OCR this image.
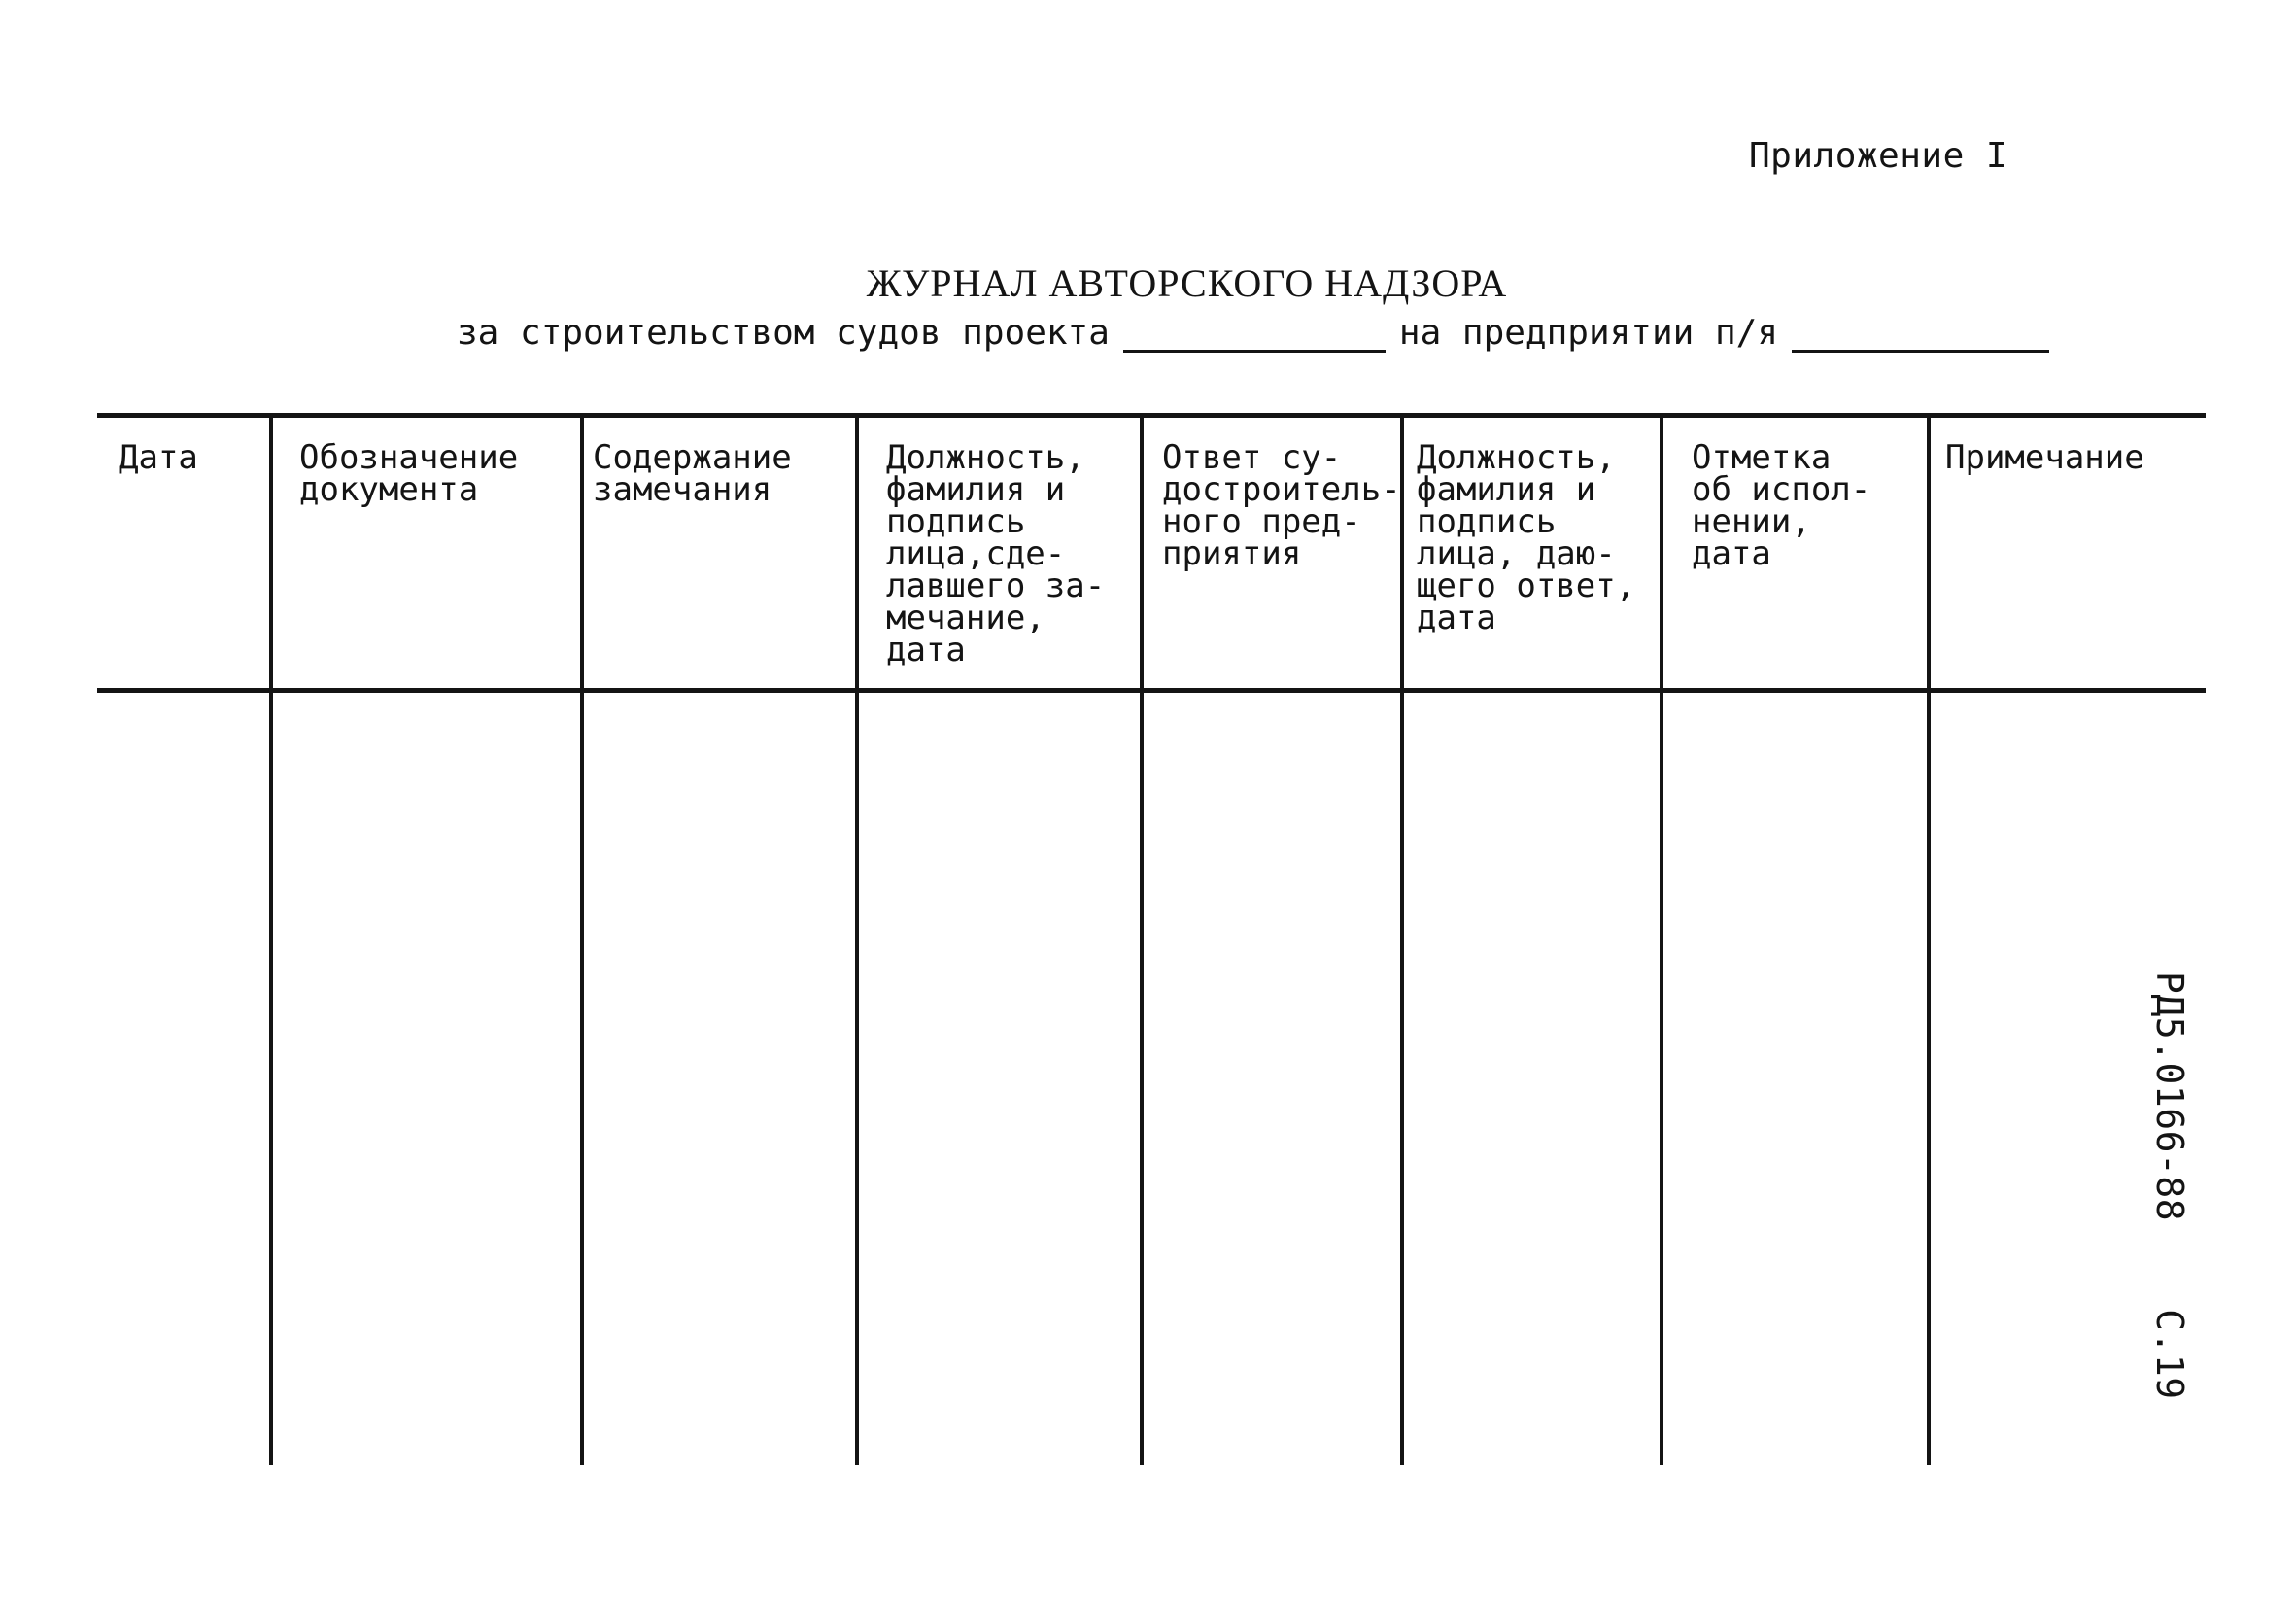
Приложение I
ЖУРНАЛ АВТОРСКОГО НАДЗОРА
за строительством судов проекта	на предприятии п/я
Дата	Обозначение
документа
Содержание
замечания
Должность,
фамилия и
подпись
лица,сде-
лавшего за-
мечание,
дата
Ответ су-
достроитель-
ного пред-
приятия
Должность,
фамилия и
подпись
лица, даю-
щего ответ,
дата
Отметка
об испол-
нении,
дата
Примечание
РД5.0166-88С.19
